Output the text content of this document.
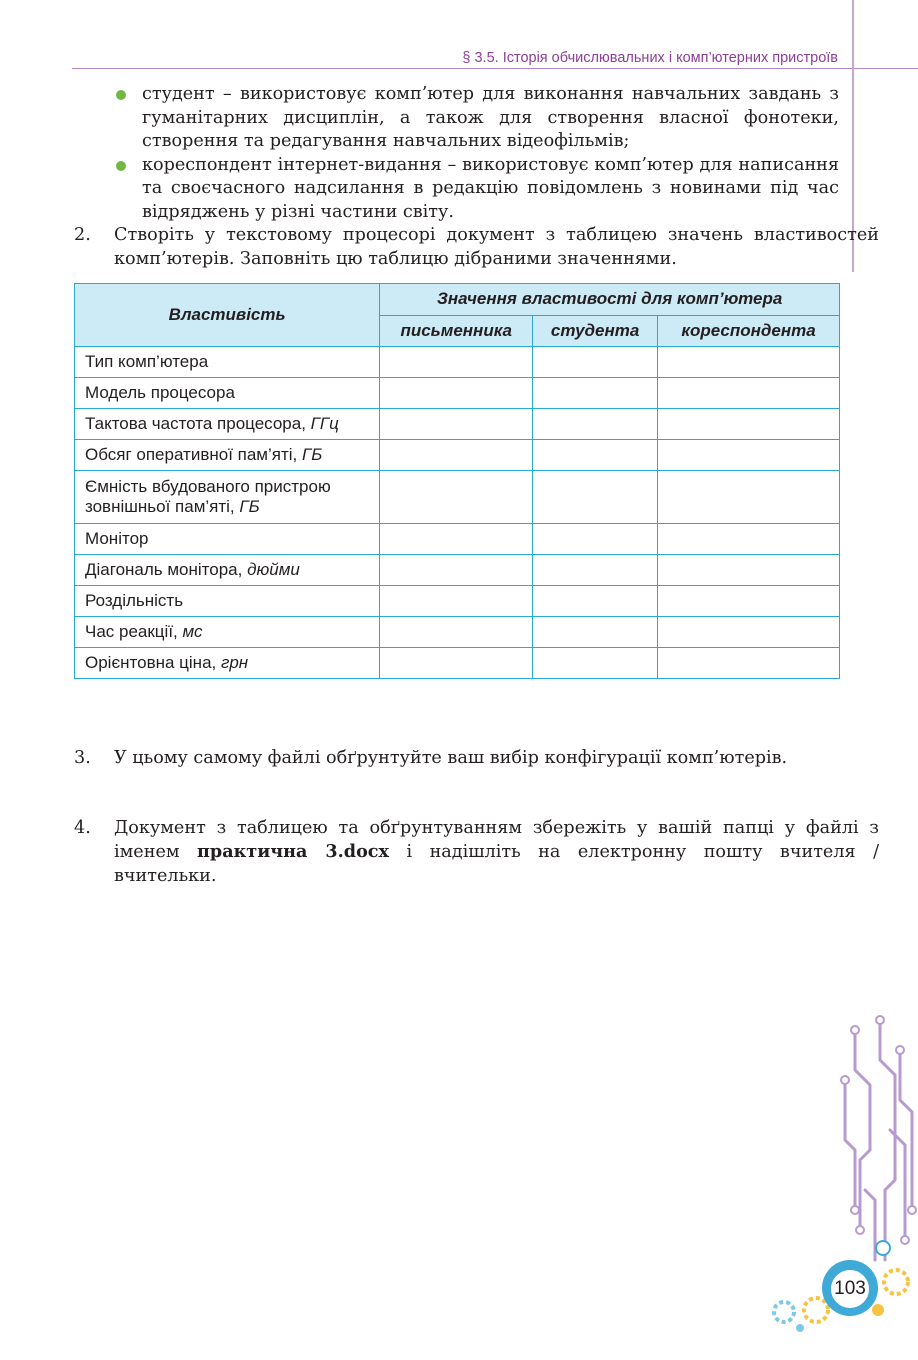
§ 3.5. Історія обчислювальних і комп’ютерних пристроїв
студент – використовує комп’ютер для виконання навчальних завдань з гуманітарних дисциплін, а також для створення власної фонотеки, створення та редагування навчальних відеофільмів;
кореспондент інтернет-видання – використовує комп’ютер для написання та своєчасного надсилання в редакцію повідомлень з новинами під час відряджень у різні частини світу.
2. Створіть у текстовому процесорі документ з таблицею значень властивостей комп’ютерів. Заповніть цю таблицю дібраними значеннями.
Властивість	Значення властивості для комп’ютера		
	письменника	студента	кореспондента
Тип комп’ютера			
Модель процесора			
Тактова частота процесора, ГГц			
Обсяг оперативної пам’яті, ГБ			
Ємність вбудованого пристрою зовнішньої пам’яті, ГБ			
Монітор			
Діагональ монітора, дюйми			
Роздільність			
Час реакції, мс			
Орієнтовна ціна, грн			
3. У цьому самому файлі обґрунтуйте ваш вибір конфігурації комп’ютерів.
4. Документ з таблицею та обґрунтуванням збережіть у вашій папці у файлі з іменем практична 3.docx і надішліть на електронну пошту вчителя / вчительки.
103
